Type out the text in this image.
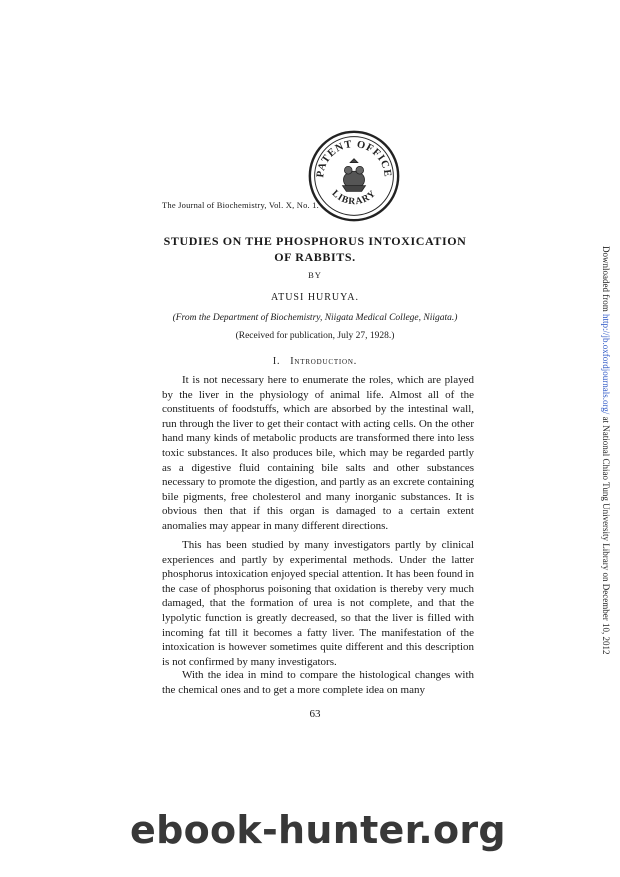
PATENT OFFICE
LIBRARY
The Journal of Biochemistry, Vol. X, No. 1.
STUDIES ON THE PHOSPHORUS INTOXICATION
OF RABBITS.
BY
ATUSI HURUYA.
(From the Department of Biochemistry, Niigata Medical College, Niigata.)
(Received for publication, July 27, 1928.)
I. Introduction.

It is not necessary here to enumerate the roles, which are played by the liver in the physiology of animal life. Almost all of the constituents of foodstuffs, which are absorbed by the intestinal wall, run through the liver to get their contact with acting cells. On the other hand many kinds of metabolic products are transformed there into less toxic substances. It also produces bile, which may be regarded partly as a digestive fluid containing bile salts and other substances necessary to promote the digestion, and partly as an excrete containing bile pigments, free cholesterol and many inorganic substances. It is obvious then that if this organ is damaged to a certain extent anomalies may appear in many different directions.

This has been studied by many investigators partly by clinical experiences and partly by experimental methods. Under the latter phosphorus intoxication enjoyed special attention. It has been found in the case of phosphorus poisoning that oxidation is thereby very much damaged, that the formation of urea is not complete, and that the lypolytic function is greatly decreased, so that the liver is filled with incoming fat till it becomes a fatty liver. The manifestation of the intoxication is however sometimes quite different and this description is not confirmed by many investigators.

With the idea in mind to compare the histological changes with the chemical ones and to get a more complete idea on many

63
Downloaded from http://jb.oxfordjournals.org/ at National Chiao Tung University Library on December 10, 2012
ebook-hunter.org
